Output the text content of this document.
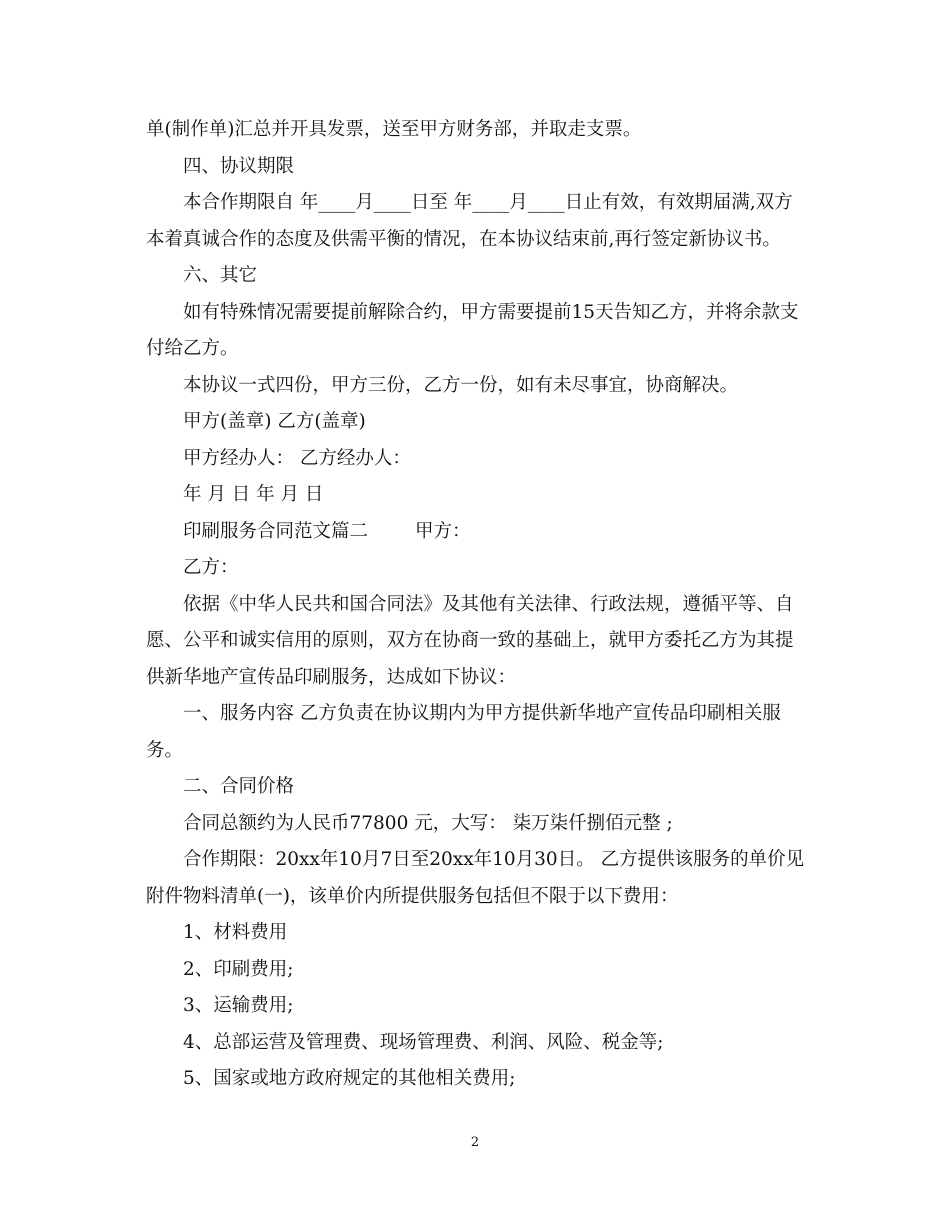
单(制作单)汇总并开具发票，送至甲方财务部，并取走支票。

四、协议期限

本合作期限自 年____月____日至 年____月____日止有效，有效期届满,双方本着真诚合作的态度及供需平衡的情况，在本协议结束前,再行签定新协议书。

六、其它

如有特殊情况需要提前解除合约，甲方需要提前15天告知乙方，并将余款支付给乙方。

本协议一式四份，甲方三份，乙方一份，如有未尽事宜，协商解决。

甲方(盖章) 乙方(盖章)

甲方经办人： 乙方经办人：

年 月 日 年 月 日

印刷服务合同范文篇二        甲方：

乙方：

依据《中华人民共和国合同法》及其他有关法律、行政法规，遵循平等、自愿、公平和诚实信用的原则，双方在协商一致的基础上，就甲方委托乙方为其提供新华地产宣传品印刷服务，达成如下协议：

一、服务内容 乙方负责在协议期内为甲方提供新华地产宣传品印刷相关服务。

二、合同价格

合同总额约为人民币77800 元，大写： 柒万柒仟捌佰元整 ;

合作期限：20xx年10月7日至20xx年10月30日。 乙方提供该服务的单价见附件物料清单(一)，该单价内所提供服务包括但不限于以下费用：

1、材料费用

2、印刷费用;

3、运输费用;

4、总部运营及管理费、现场管理费、利润、风险、税金等;

5、国家或地方政府规定的其他相关费用;

2
